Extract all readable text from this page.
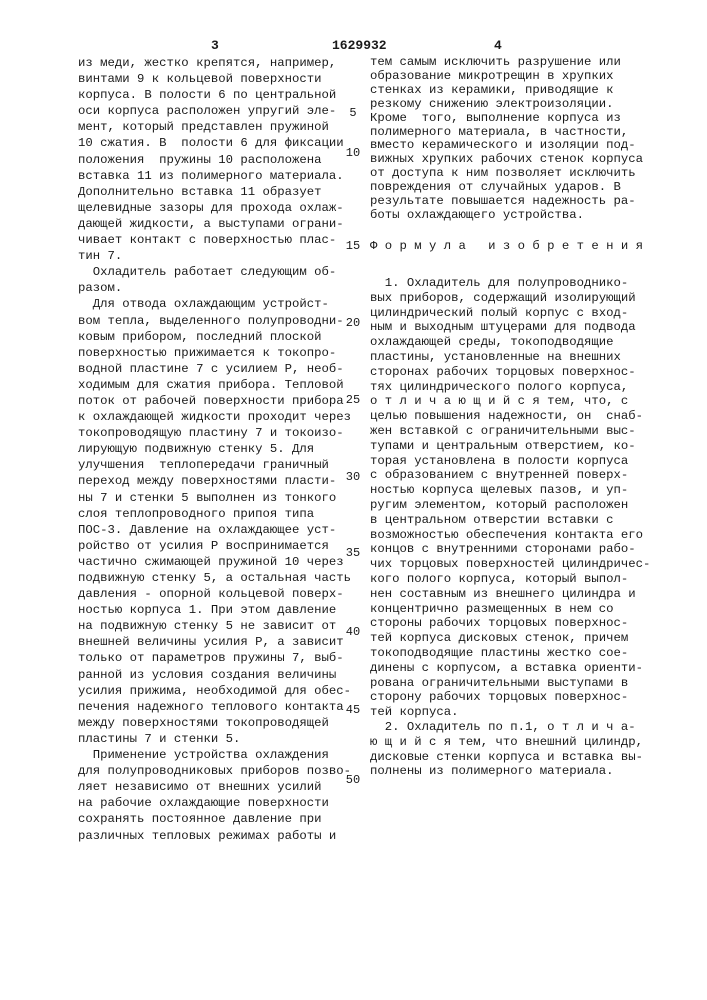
3	1629932	4
из меди, жестко крепятся, например,
винтами 9 к кольцевой поверхности
корпуса. В полости 6 по центральной
оси корпуса расположен упругий эле-
мент, который представлен пружиной
10 сжатия. В  полости 6 для фиксации
положения  пружины 10 расположена
вставка 11 из полимерного материала.
Дополнительно вставка 11 образует
щелевидные зазоры для прохода охлаж-
дающей жидкости, а выступами ограни-
чивает контакт с поверхностью плас-
тин 7.
Охладитель работает следующим об-
разом.
Для отвода охлаждающим устройст-
вом тепла, выделенного полупроводни-
ковым прибором, последний плоской
поверхностью прижимается к токопро-
водной пластине 7 с усилием Р, необ-
ходимым для сжатия прибора. Тепловой
поток от рабочей поверхности прибора
к охлаждающей жидкости проходит через
токопроводящую пластину 7 и токоизо-
лирующую подвижную стенку 5. Для
улучшения  теплопередачи граничный
переход между поверхностями пласти-
ны 7 и стенки 5 выполнен из тонкого
слоя теплопроводного припоя типа
ПОС-3. Давление на охлаждающее уст-
ройство от усилия Р воспринимается
частично сжимающей пружиной 10 через
подвижную стенку 5, а остальная часть
давления - опорной кольцевой поверх-
ностью корпуса 1. При этом давление
на подвижную стенку 5 не зависит от
внешней величины усилия Р, а зависит
только от параметров пружины 7, выб-
ранной из условия создания величины
усилия прижима, необходимой для обес-
печения надежного теплового контакта
между поверхностями токопроводящей
пластины 7 и стенки 5.
Применение устройства охлаждения
для полупроводниковых приборов позво-
ляет независимо от внешних усилий
на рабочие охлаждающие поверхности
сохранять постоянное давление при
различных тепловых режимах работы и
тем самым исключить разрушение или
образование микротрещин в хрупких
стенках из керамики, приводящие к
резкому снижению электроизоляции.
Кроме  того, выполнение корпуса из
полимерного материала, в частности,
вместо керамического и изоляции под-
вижных хрупких рабочих стенок корпуса
от доступа к ним позволяет исключить
повреждения от случайных ударов. В
результате повышается надежность ра-
боты охлаждающего устройства.
Ф о р м у л а   и з о б р е т е н и я
1. Охладитель для полупроводнико-
вых приборов, содержащий изолирующий
цилиндрический полый корпус с вход-
ным и выходным штуцерами для подвода
охлаждающей среды, токоподводящие
пластины, установленные на внешних
сторонах рабочих торцовых поверхнос-
тях цилиндрического полого корпуса,
о т л и ч а ю щ и й с я тем, что, с
целью повышения надежности, он  снаб-
жен вставкой с ограничительными выс-
тупами и центральным отверстием, ко-
торая установлена в полости корпуса
с образованием с внутренней поверх-
ностью корпуса щелевых пазов, и уп-
ругим элементом, который расположен
в центральном отверстии вставки с
возможностью обеспечения контакта его
концов с внутренними сторонами рабо-
чих торцовых поверхностей цилиндричес-
кого полого корпуса, который выпол-
нен составным из внешнего цилиндра и
концентрично размещенных в нем со
стороны рабочих торцовых поверхнос-
тей корпуса дисковых стенок, причем
токоподводящие пластины жестко сое-
динены с корпусом, а вставка ориенти-
рована ограничительными выступами в
сторону рабочих торцовых поверхнос-
тей корпуса.
2. Охладитель по п.1, о т л и ч а-
ю щ и й с я тем, что внешний цилиндр,
дисковые стенки корпуса и вставка вы-
полнены из полимерного материала.
5
10
15
20
25
30
35
40
45
50
